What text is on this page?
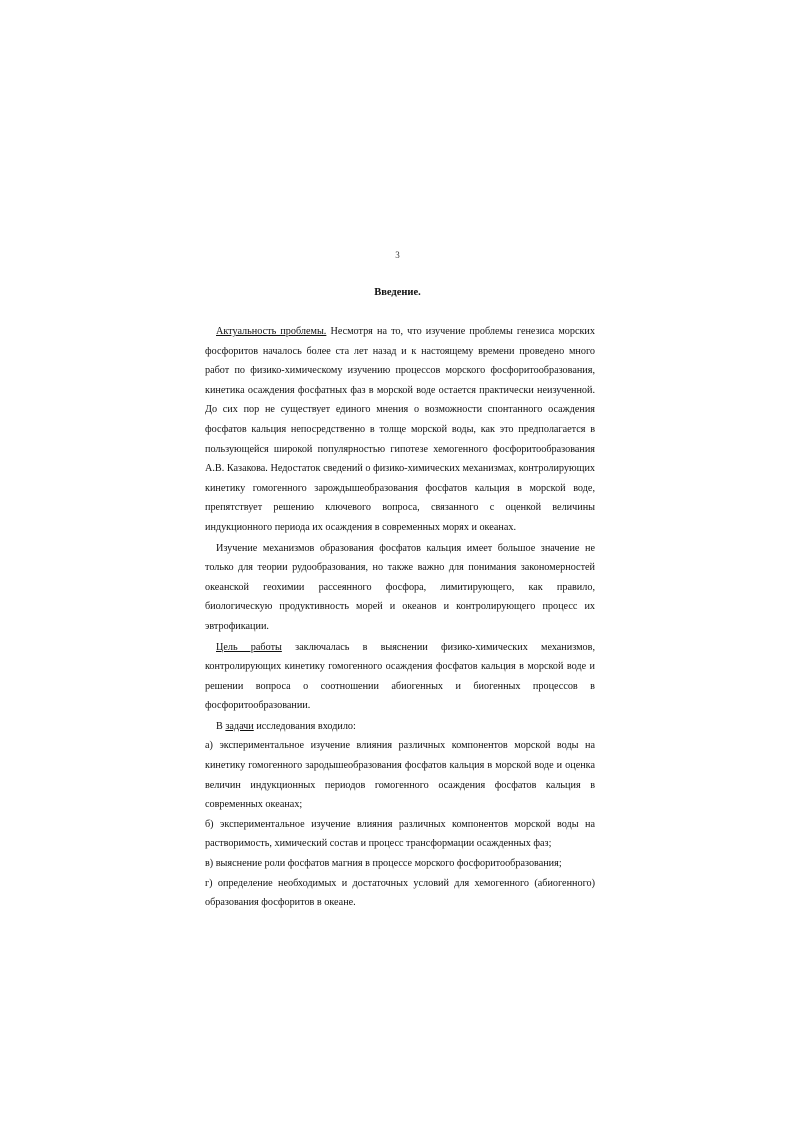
3
Введение.

Актуальность проблемы. Несмотря на то, что изучение проблемы генезиса морских фосфоритов началось более ста лет назад и к настоящему времени проведено много работ по физико-химическому изучению процессов морского фосфоритообразования, кинетика осаждения фосфатных фаз в морской воде остается практически неизученной. До сих пор не существует единого мнения о возможности спонтанного осаждения фосфатов кальция непосредственно в толще морской воды, как это предполагается в пользующейся широкой популярностью гипотезе хемогенного фосфоритообразования А.В. Казакова. Недостаток сведений о физико-химических механизмах, контролирующих кинетику гомогенного зарождышеобразования фосфатов кальция в морской воде, препятствует решению ключевого вопроса, связанного с оценкой величины индукционного периода их осаждения в современных морях и океанах.

Изучение механизмов образования фосфатов кальция имеет большое значение не только для теории рудообразования, но также важно для понимания закономерностей океанской геохимии рассеянного фосфора, лимитирующего, как правило, биологическую продуктивность морей и океанов и контролирующего процесс их эвтрофикации.

Цель работы заключалась в выяснении физико-химических механизмов, контролирующих кинетику гомогенного осаждения фосфатов кальция в морской воде и решении вопроса о соотношении абиогенных и биогенных процессов в фосфоритообразовании.

В задачи исследования входило:

а) экспериментальное изучение влияния различных компонентов морской воды на кинетику гомогенного зародышеобразования фосфатов кальция в морской воде и оценка величин индукционных периодов гомогенного осаждения фосфатов кальция в современных океанах;

б) экспериментальное изучение влияния различных компонентов морской воды на растворимость, химический состав и процесс трансформации осажденных фаз;

в) выяснение роли фосфатов магния в процессе морского фосфоритообразования;

г) определение необходимых и достаточных условий для хемогенного (абиогенного) образования фосфоритов в океане.
